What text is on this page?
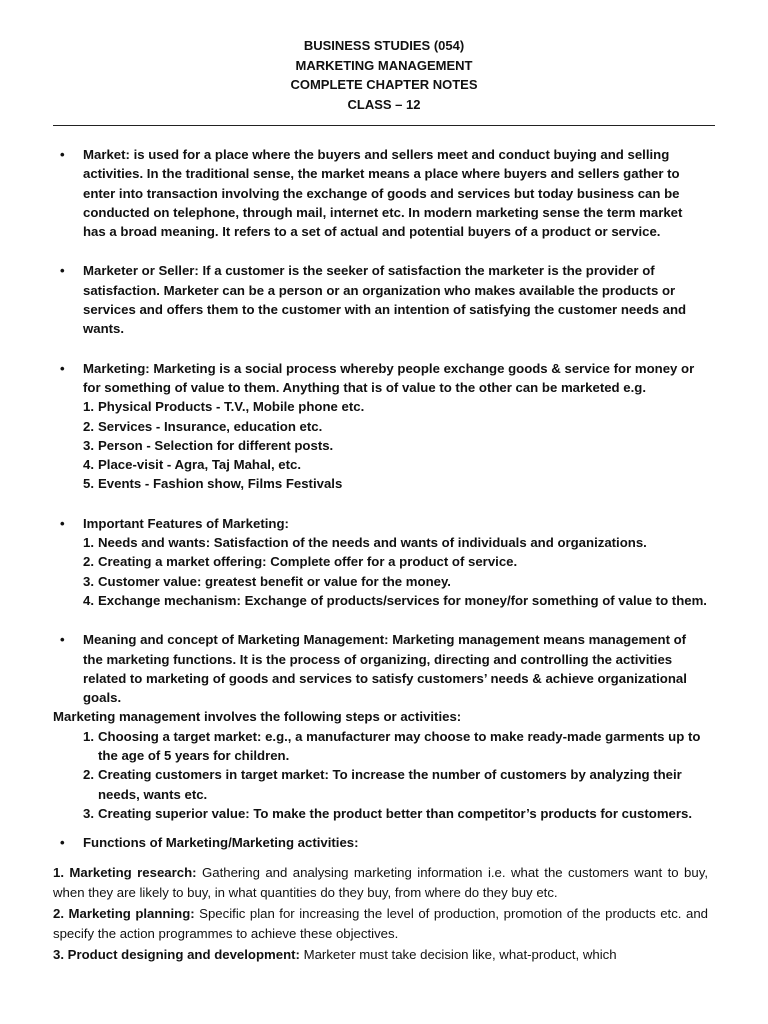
BUSINESS STUDIES (054)
MARKETING MANAGEMENT
COMPLETE CHAPTER NOTES
CLASS – 12
• Market: is used for a place where the buyers and sellers meet and conduct buying and selling activities. In the traditional sense, the market means a place where buyers and sellers gather to enter into transaction involving the exchange of goods and services but today business can be conducted on telephone, through mail, internet etc. In modern marketing sense the term market has a broad meaning. It refers to a set of actual and potential buyers of a product or service.

• Marketer or Seller: If a customer is the seeker of satisfaction the marketer is the provider of satisfaction. Marketer can be a person or an organization who makes available the products or services and offers them to the customer with an intention of satisfying the customer needs and wants.

• Marketing: Marketing is a social process whereby people exchange goods & service for money or for something of value to them. Anything that is of value to the other can be marketed e.g.

1. Physical Products - T.V., Mobile phone etc.
2. Services - Insurance, education etc.
3. Person - Selection for different posts.
4. Place-visit - Agra, Taj Mahal, etc.
5. Events - Fashion show, Films Festivals
• Important Features of Marketing:

1. Needs and wants: Satisfaction of the needs and wants of individuals and organizations.
2. Creating a market offering: Complete offer for a product of service.
3. Customer value: greatest benefit or value for the money.
4. Exchange mechanism: Exchange of products/services for money/for something of value to them.
• Meaning and concept of Marketing Management: Marketing management means management of the marketing functions. It is the process of organizing, directing and controlling the activities related to marketing of goods and services to satisfy customers’ needs & achieve organizational goals.

Marketing management involves the following steps or activities:
1. Choosing a target market: e.g., a manufacturer may choose to make ready-made garments up to the age of 5 years for children.
2. Creating customers in target market: To increase the number of customers by analyzing their needs, wants etc.
3. Creating superior value: To make the product better than competitor’s products for customers.
• Functions of Marketing/Marketing activities:

1. Marketing research: Gathering and analysing marketing information i.e. what the customers want to buy, when they are likely to buy, in what quantities do they buy, from where do they buy etc.
2. Marketing planning: Specific plan for increasing the level of production, promotion of the products etc. and specify the action programmes to achieve these objectives.
3. Product designing and development: Marketer must take decision like, what-product, which
